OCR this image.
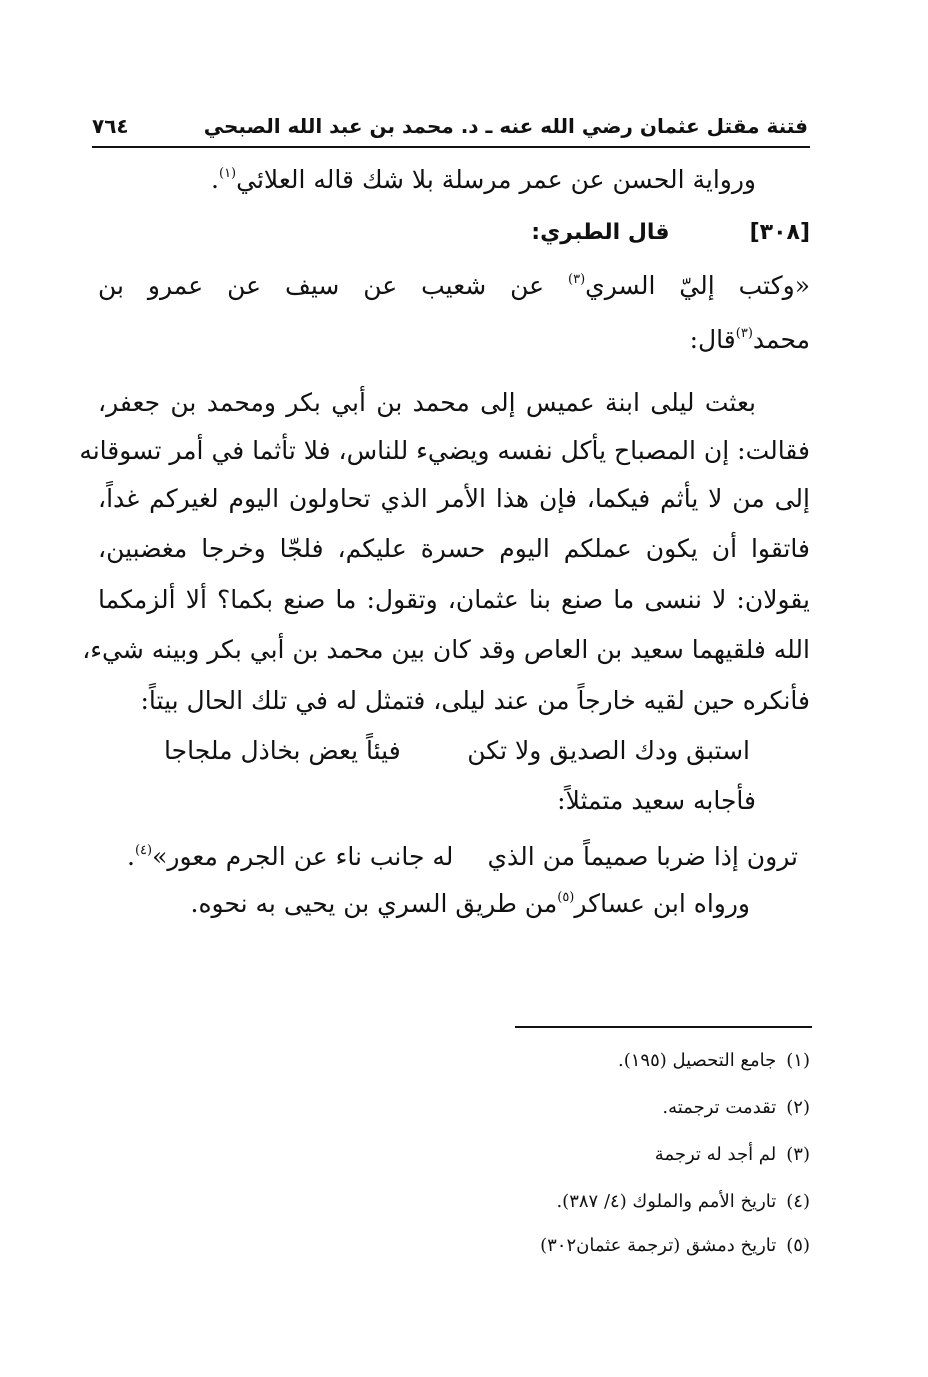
فتنة مقتل عثمان رضي الله عنه ـ د. محمد بن عبد الله الصبحي
٧٦٤
ورواية الحسن عن عمر مرسلة بلا شك قاله العلائي$^{(١)}$.
[٣٠٨]قال الطبري:
«وكتب إليّ السري$^{(٣)}$ عن شعيب عن سيف عن عمرو بن
محمد$^{(٣)}$قال:
بعثت ليلى ابنة عميس إلى محمد بن أبي بكر ومحمد بن جعفر،
فقالت: إن المصباح يأكل نفسه ويضيء للناس، فلا تأثما في أمر تسوقانه
إلى من لا يأثم فيكما، فإن هذا الأمر الذي تحاولون اليوم لغيركم غداً،
فاتقوا أن يكون عملكم اليوم حسرة عليكم، فلجّا وخرجا مغضبين،
يقولان: لا ننسى ما صنع بنا عثمان، وتقول: ما صنع بكما؟ ألا ألزمكما
الله فلقيهما سعيد بن العاص وقد كان بين محمد بن أبي بكر وبينه شيء،
فأنكره حين لقيه خارجاً من عند ليلى، فتمثل له في تلك الحال بيتاً:
استبق ودك الصديق ولا تكن
فيئاً يعض بخاذل ملجاجا
فأجابه سعيد متمثلاً:
ترون إذا ضربا صميماً من الذي
له جانب ناء عن الجرم معور»$^{(٤)}$.
ورواه ابن عساكر$^{(٥)}$من طريق السري بن يحيى به نحوه.
(١)جامع التحصيل (١٩٥).
(٢)تقدمت ترجمته.
(٣)لم أجد له ترجمة
(٤)تاريخ الأمم والملوك (٤/ ٣٨٧).
(٥)تاريخ دمشق (ترجمة عثمان٣٠٢)
